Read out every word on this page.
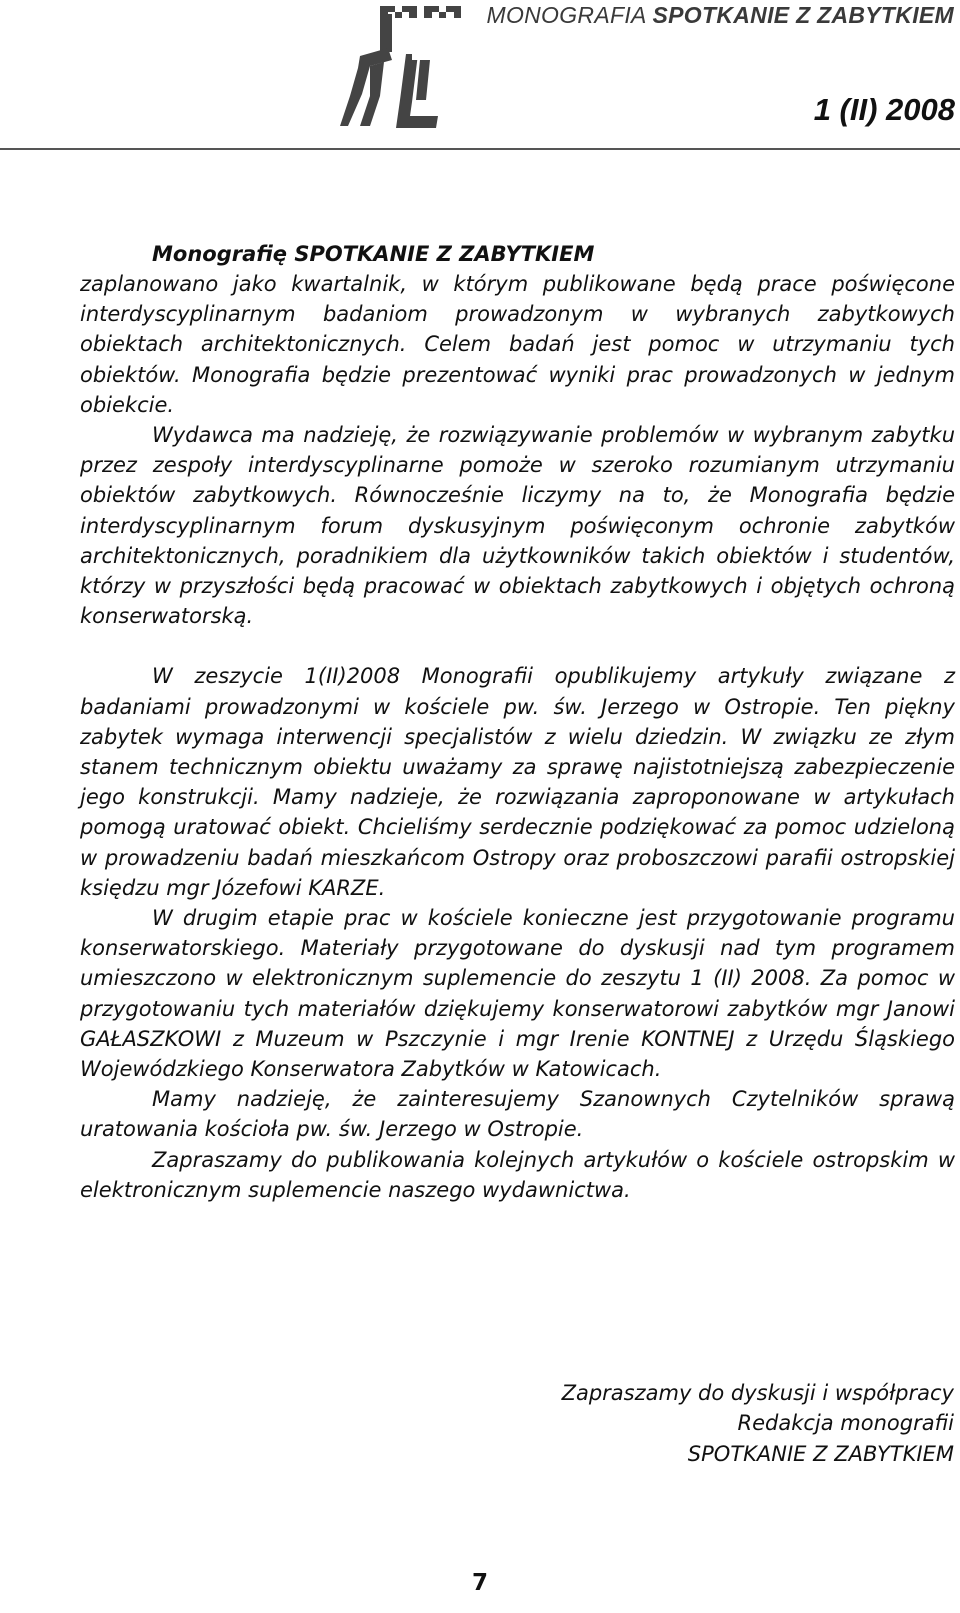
MONOGRAFIA SPOTKANIE Z ZABYTKIEM
1 (II) 2008

Monografię SPOTKANIE Z ZABYTKIEM

zaplanowano jako kwartalnik, w którym publikowane będą prace poświęcone interdyscyplinarnym badaniom prowadzonym w wybranych zabytkowych obiektach architektonicznych. Celem badań jest pomoc w utrzymaniu tych obiektów. Monografia będzie prezentować wyniki prac prowadzonych w jednym obiekcie.

Wydawca ma nadzieję, że rozwiązywanie problemów w wybranym zabytku przez zespoły interdyscyplinarne pomoże w szeroko rozumianym utrzymaniu obiektów zabytkowych. Równocześnie liczymy na to, że Monografia będzie interdyscyplinarnym forum dyskusyjnym poświęconym ochronie zabytków architektonicznych, poradnikiem dla użytkowników takich obiektów i studentów, którzy w przyszłości będą pracować w obiektach zabytkowych i objętych ochroną konserwatorską.

W zeszycie 1(II)2008 Monografii opublikujemy artykuły związane z badaniami prowadzonymi w kościele pw. św. Jerzego w Ostropie. Ten piękny zabytek wymaga interwencji specjalistów z wielu dziedzin. W związku ze złym stanem technicznym obiektu uważamy za sprawę najistotniejszą zabezpieczenie jego konstrukcji. Mamy nadzieje, że rozwiązania zaproponowane w artykułach pomogą uratować obiekt. Chcieliśmy serdecznie podziękować za pomoc udzieloną w prowadzeniu badań mieszkańcom Ostropy oraz proboszczowi parafii ostropskiej księdzu mgr Józefowi KARZE.

W drugim etapie prac w kościele konieczne jest przygotowanie programu konserwatorskiego. Materiały przygotowane do dyskusji nad tym programem umieszczono w elektronicznym suplemencie do zeszytu 1 (II) 2008. Za pomoc w przygotowaniu tych materiałów dziękujemy konserwatorowi zabytków mgr Janowi GAŁASZKOWI z Muzeum w Pszczynie i mgr Irenie KONTNEJ z Urzędu Śląskiego Wojewódzkiego Konserwatora Zabytków w Katowicach.

Mamy nadzieję, że zainteresujemy Szanownych Czytelników sprawą uratowania kościoła pw. św. Jerzego w Ostropie.

Zapraszamy do publikowania kolejnych artykułów o kościele ostropskim w elektronicznym suplemencie naszego wydawnictwa.

Zapraszamy do dyskusji i współpracy
Redakcja monografii
SPOTKANIE Z ZABYTKIEM
7
